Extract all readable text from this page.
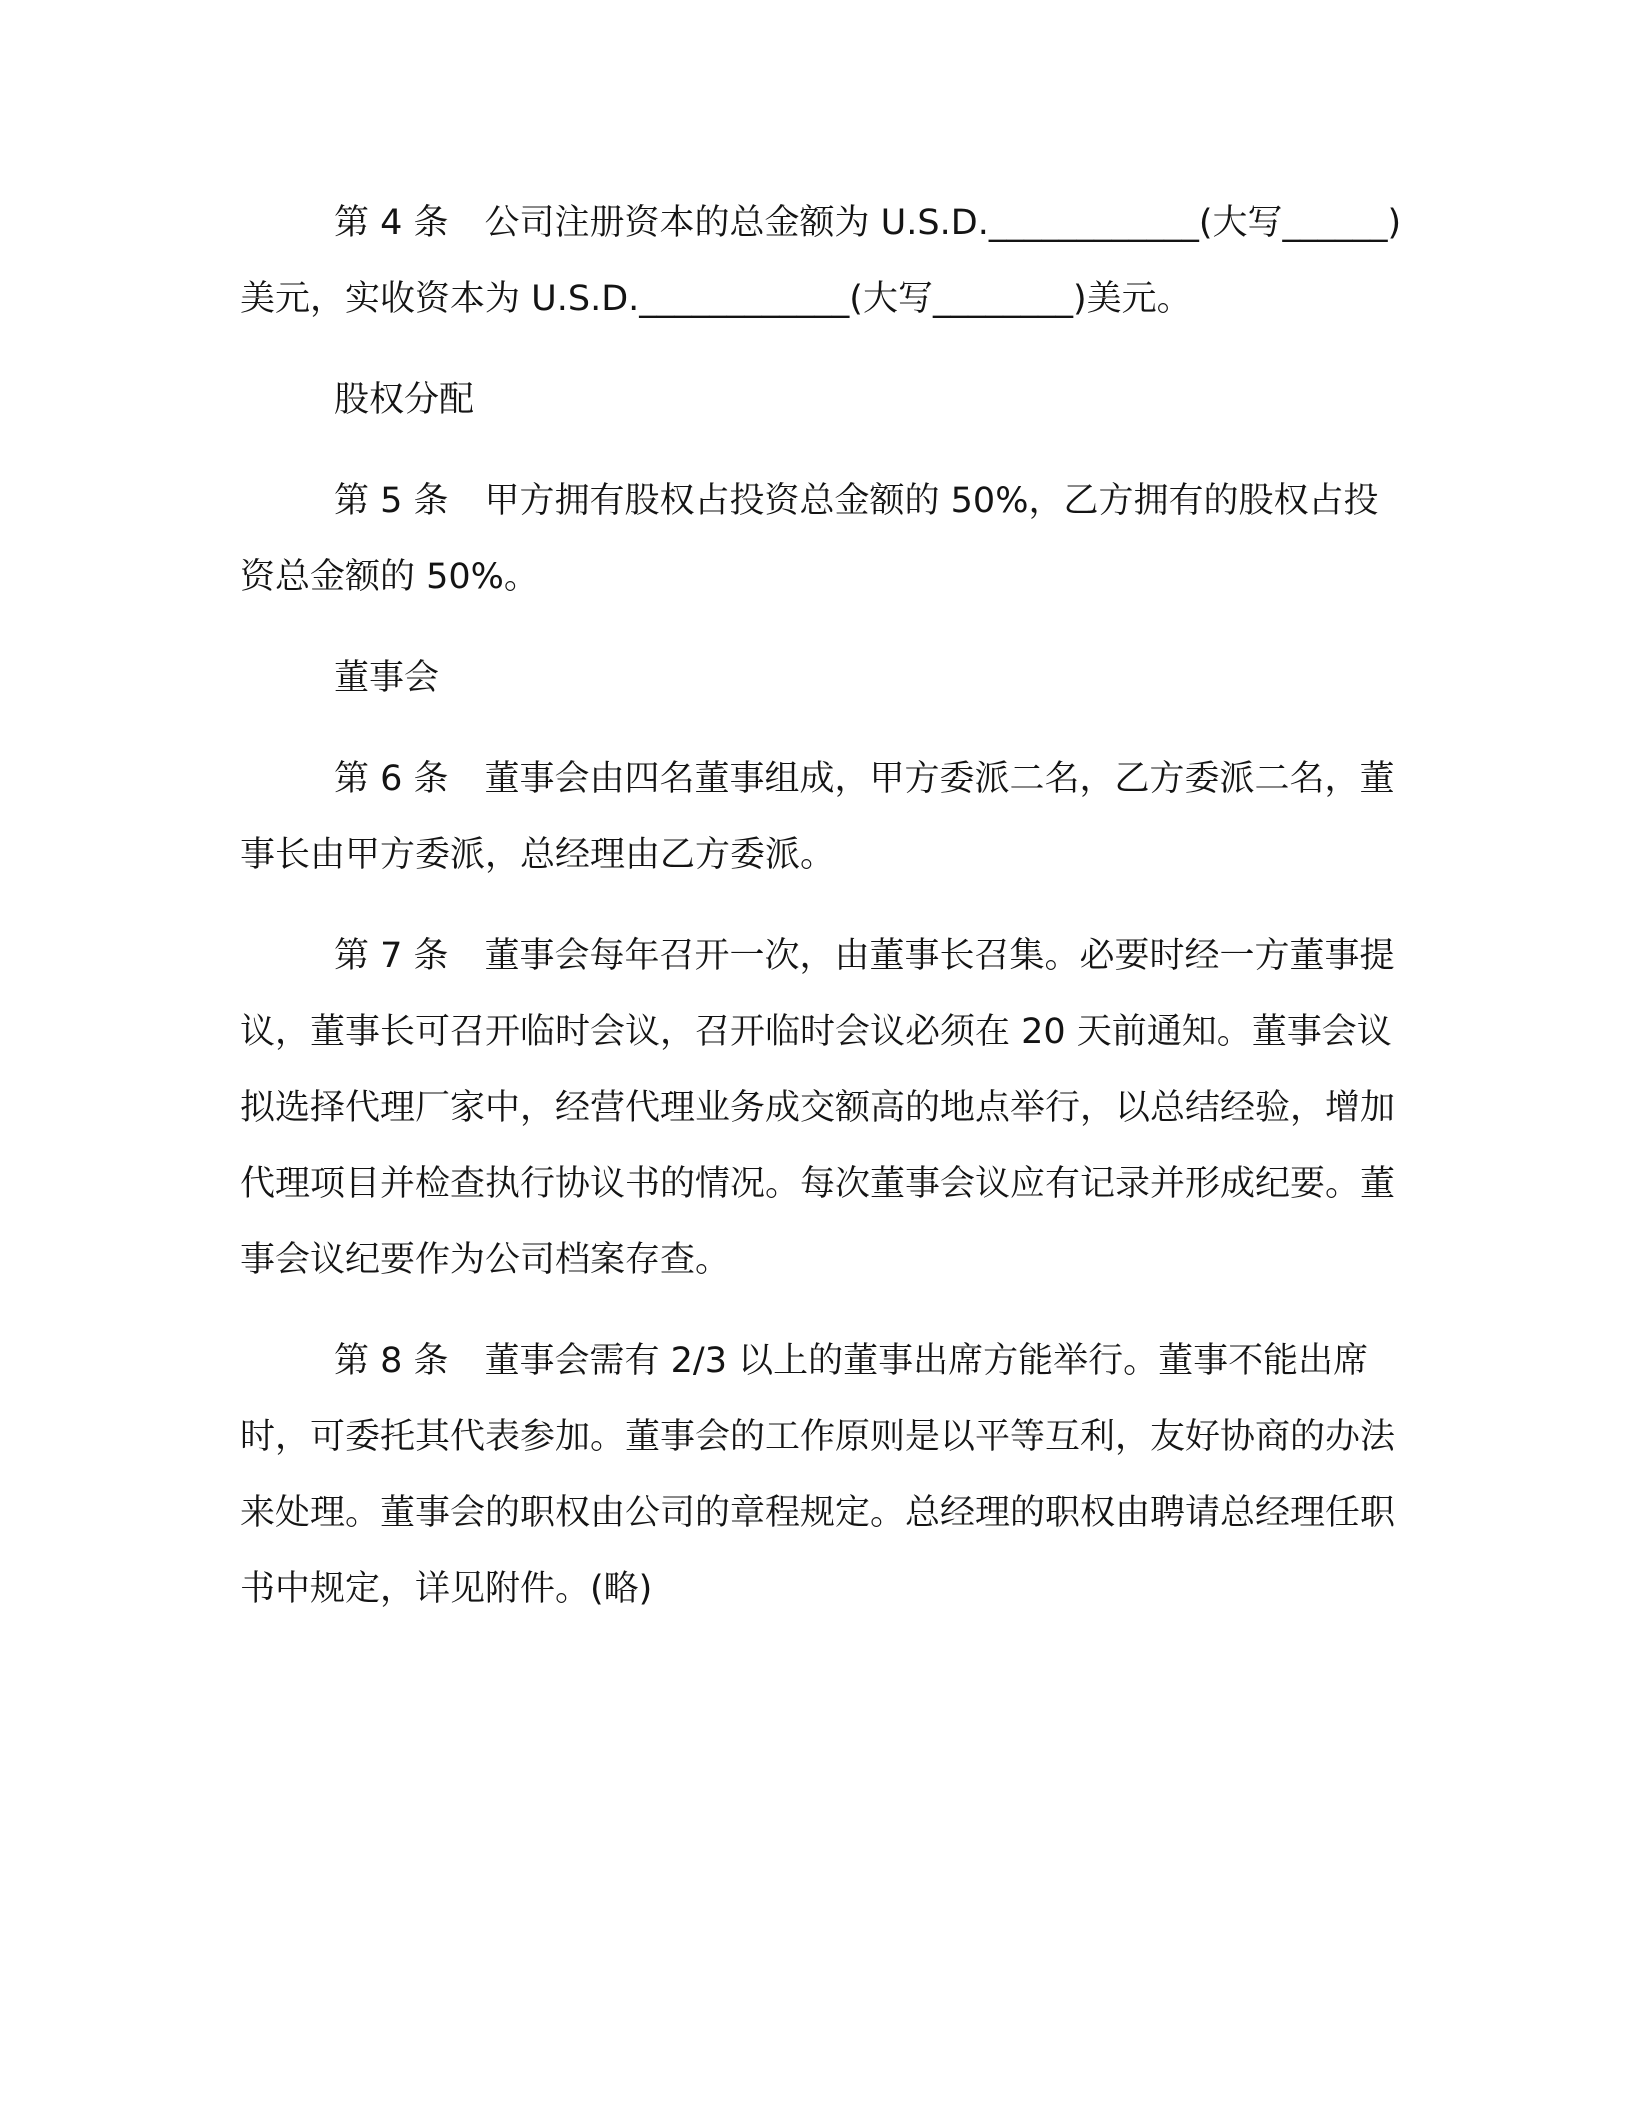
第 4 条 公司注册资本的总金额为 U.S.D.____________(大写______)美元，实收资本为 U.S.D.____________(大写________)美元。

股权分配

第 5 条 甲方拥有股权占投资总金额的 50%，乙方拥有的股权占投资总金额的 50%。

董事会

第 6 条 董事会由四名董事组成，甲方委派二名，乙方委派二名，董事长由甲方委派，总经理由乙方委派。

第 7 条 董事会每年召开一次，由董事长召集。必要时经一方董事提议，董事长可召开临时会议，召开临时会议必须在 20 天前通知。董事会议拟选择代理厂家中，经营代理业务成交额高的地点举行，以总结经验，增加代理项目并检查执行协议书的情况。每次董事会议应有记录并形成纪要。董事会议纪要作为公司档案存查。

第 8 条 董事会需有 2/3 以上的董事出席方能举行。董事不能出席时，可委托其代表参加。董事会的工作原则是以平等互利，友好协商的办法来处理。董事会的职权由公司的章程规定。总经理的职权由聘请总经理任职书中规定，详见附件。(略)
